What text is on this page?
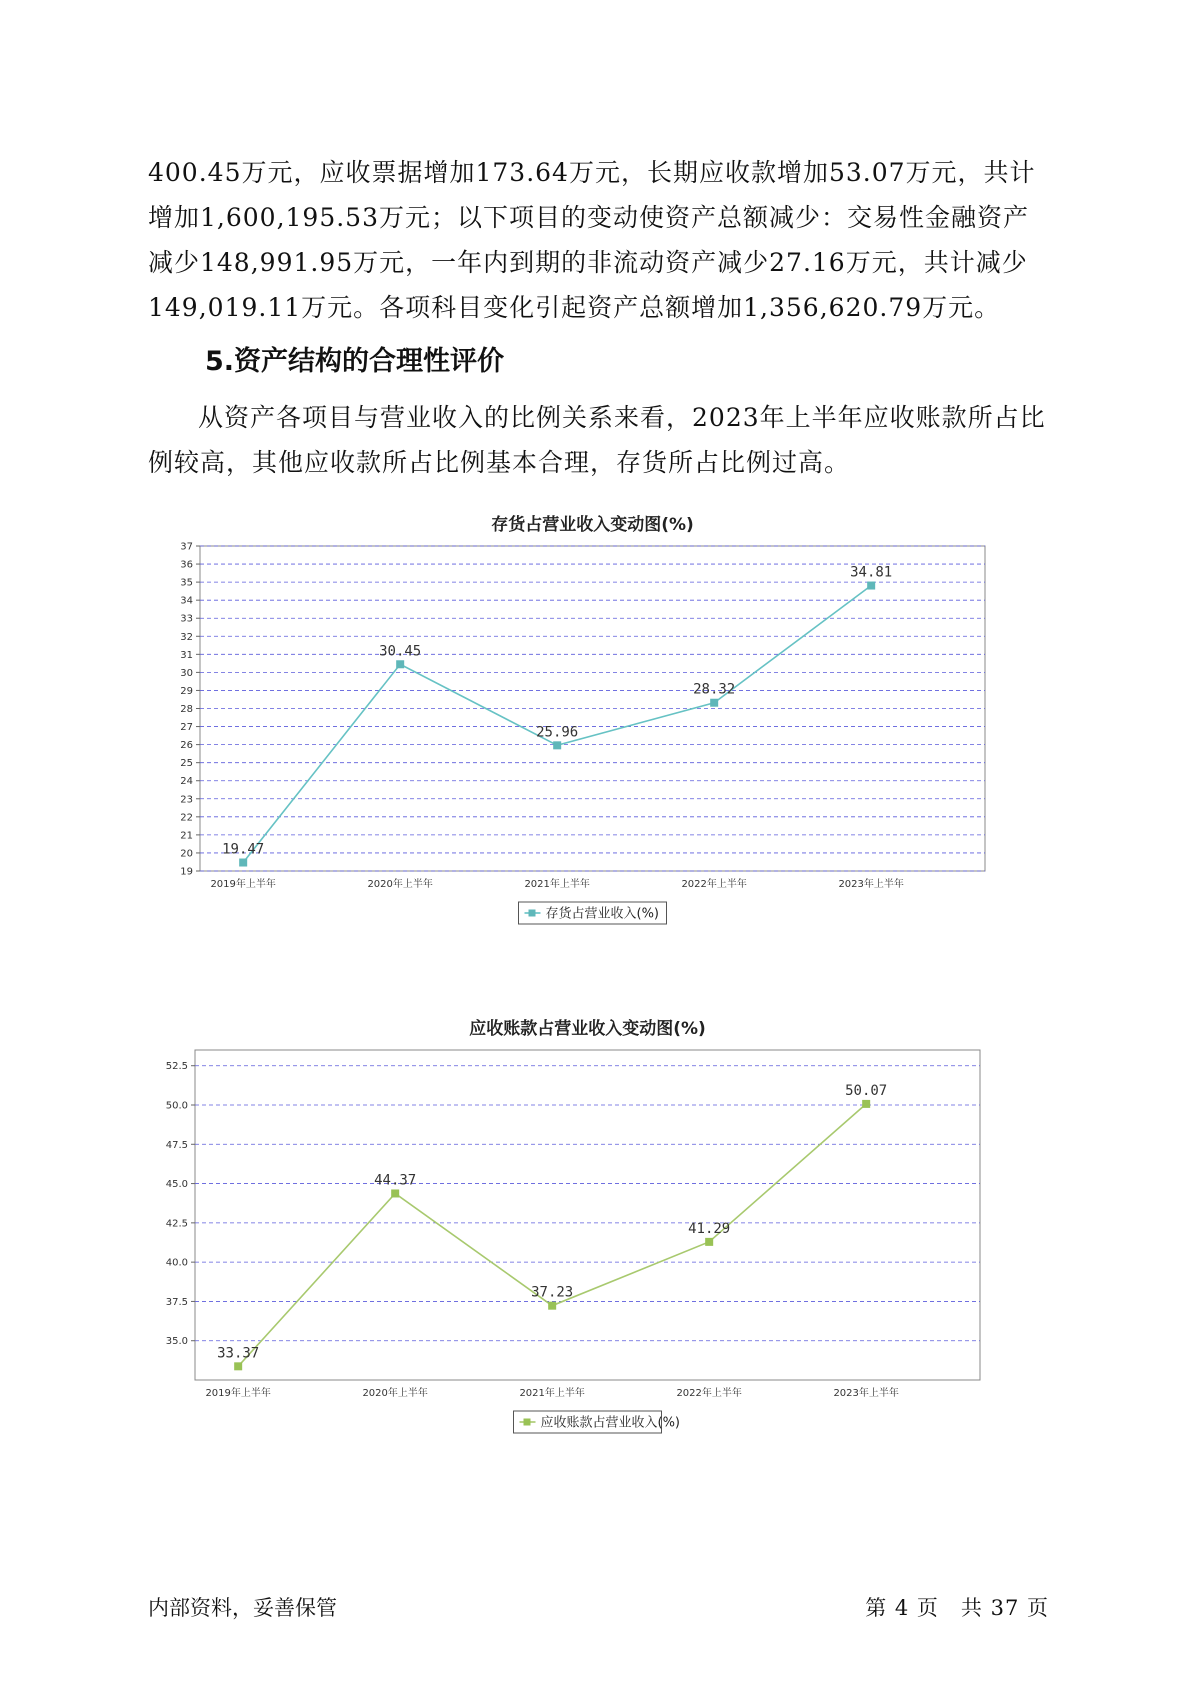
400.45万元，应收票据增加173.64万元，长期应收款增加53.07万元，共计增加1,600,195.53万元；以下项目的变动使资产总额减少：交易性金融资产减少148,991.95万元，一年内到期的非流动资产减少27.16万元，共计减少149,019.11万元。各项科目变化引起资产总额增加1,356,620.79万元。

5.资产结构的合理性评价

从资产各项目与营业收入的比例关系来看，2023年上半年应收账款所占比例较高，其他应收款所占比例基本合理，存货所占比例过高。

存货占营业收入变动图(%)
19
20
21
22
23
24
25
26
27
28
29
30
31
32
33
34
35
36
37
2019年上半年	2020年上半年	2021年上半年	2022年上半年	2023年上半年
19.47
30.45
25.96
28.32
34.81
存货占营业收入(%)
应收账款占营业收入变动图(%)
35.0
37.5
40.0
42.5
45.0
47.5
50.0
52.5
2019年上半年	2020年上半年	2021年上半年	2022年上半年	2023年上半年
33.37
44.37
37.23
41.29
50.07
应收账款占营业收入(%)

内部资料，妥善保管	第 4 页　共 37 页
